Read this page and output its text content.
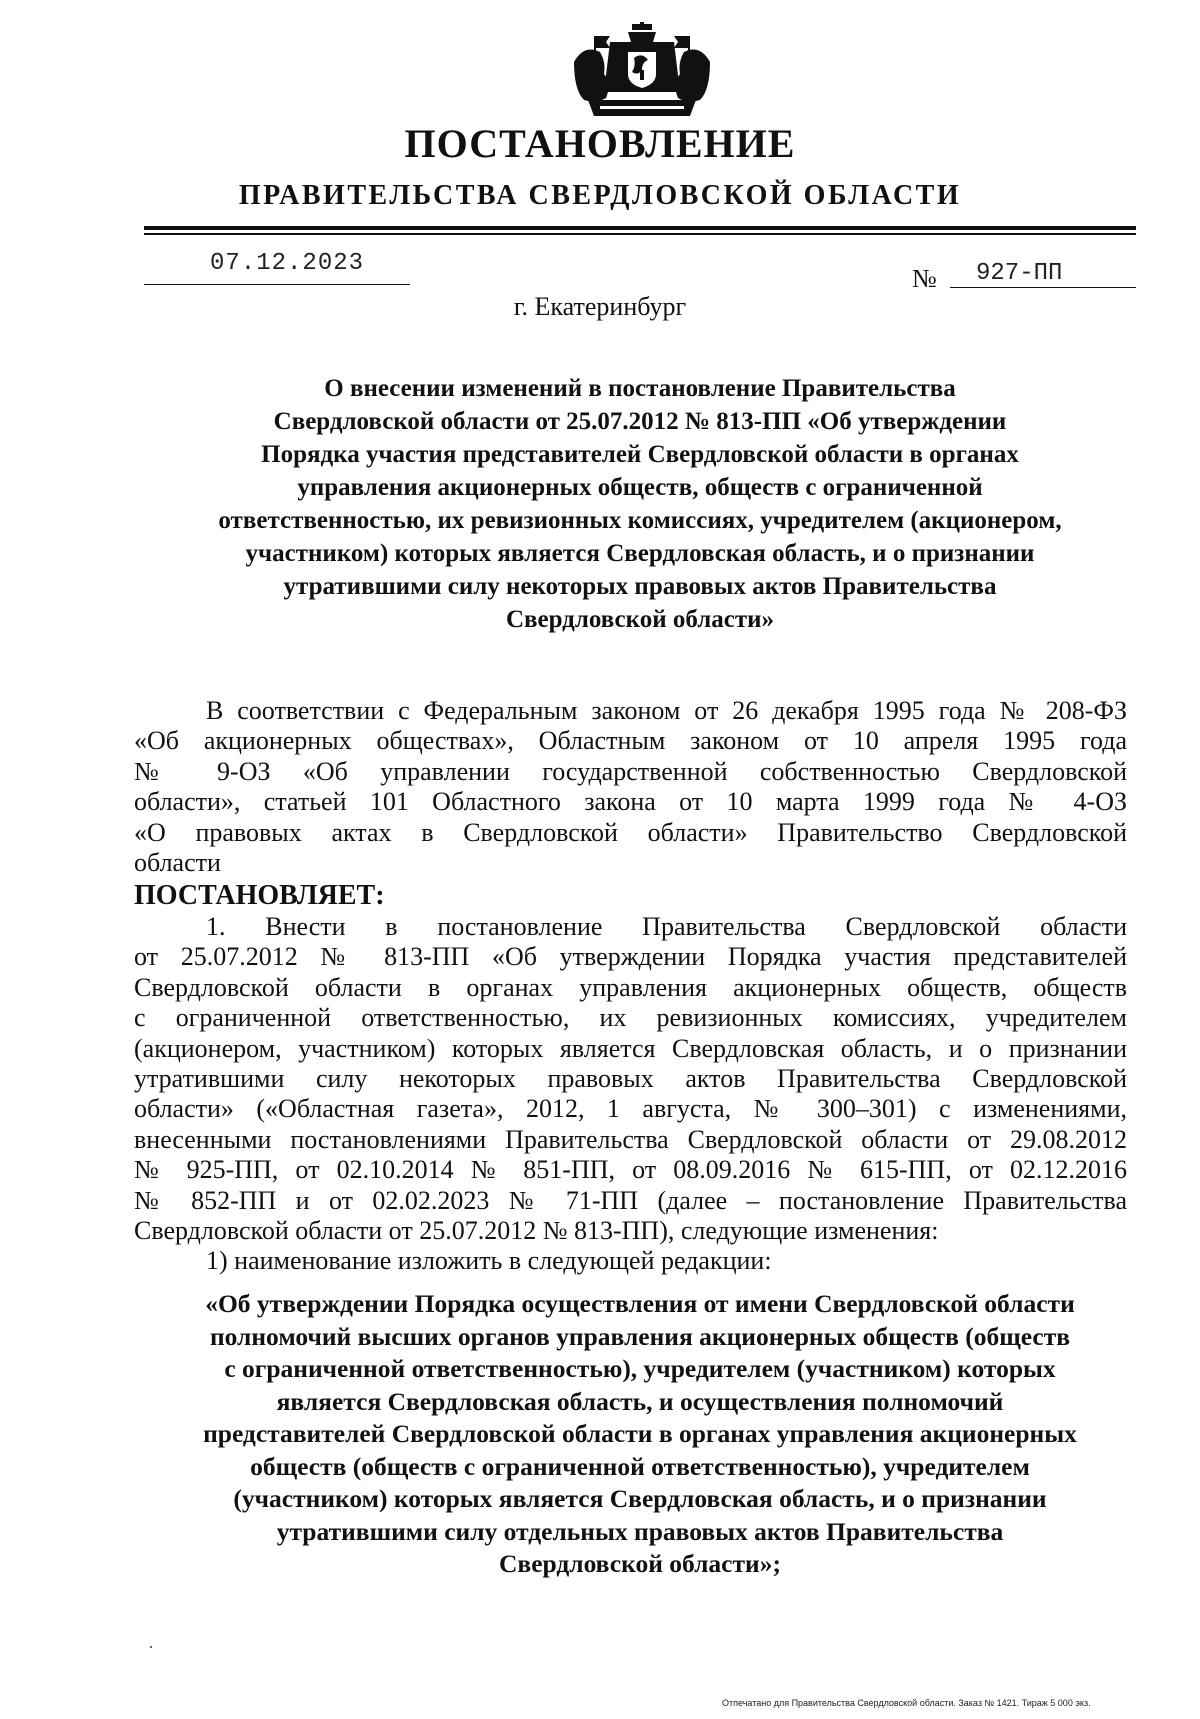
ПОСТАНОВЛЕНИЕ
ПРАВИТЕЛЬСТВА СВЕРДЛОВСКОЙ ОБЛАСТИ
07.12.2023
№ 927-ПП
г. Екатеринбург
О внесении изменений в постановление Правительства
Свердловской области от 25.07.2012 № 813-ПП «Об утверждении
Порядка участия представителей Свердловской области в органах
управления акционерных обществ, обществ с ограниченной
ответственностью, их ревизионных комиссиях, учредителем (акционером,
участником) которых является Свердловская область, и о признании
утратившими силу некоторых правовых актов Правительства
Свердловской области»
В соответствии с Федеральным законом от 26 декабря 1995 года № 208-ФЗ
«Об акционерных обществах», Областным законом от 10 апреля 1995 года
№ 9-ОЗ «Об управлении государственной собственностью Свердловской
области», статьей 101 Областного закона от 10 марта 1999 года № 4-ОЗ
«О правовых актах в Свердловской области» Правительство Свердловской
области
ПОСТАНОВЛЯЕТ:
1. Внести в постановление Правительства Свердловской области
от 25.07.2012 № 813-ПП «Об утверждении Порядка участия представителей
Свердловской области в органах управления акционерных обществ, обществ
с ограниченной ответственностью, их ревизионных комиссиях, учредителем
(акционером, участником) которых является Свердловская область, и о признании
утратившими силу некоторых правовых актов Правительства Свердловской
области» («Областная газета», 2012, 1 августа, № 300–301) с изменениями,
внесенными постановлениями Правительства Свердловской области от 29.08.2012
№ 925-ПП, от 02.10.2014 № 851-ПП, от 08.09.2016 № 615-ПП, от 02.12.2016
№ 852-ПП и от 02.02.2023 № 71-ПП (далее – постановление Правительства
Свердловской области от 25.07.2012 № 813-ПП), следующие изменения:
1) наименование изложить в следующей редакции:
«Об утверждении Порядка осуществления от имени Свердловской области
полномочий высших органов управления акционерных обществ (обществ
с ограниченной ответственностью), учредителем (участником) которых
является Свердловская область, и осуществления полномочий
представителей Свердловской области в органах управления акционерных
обществ (обществ с ограниченной ответственностью), учредителем
(участником) которых является Свердловская область, и о признании
утратившими силу отдельных правовых актов Правительства
Свердловской области»;
Отпечатано для Правительства Свердловской области. Заказ № 1421. Тираж 5 000 экз.
